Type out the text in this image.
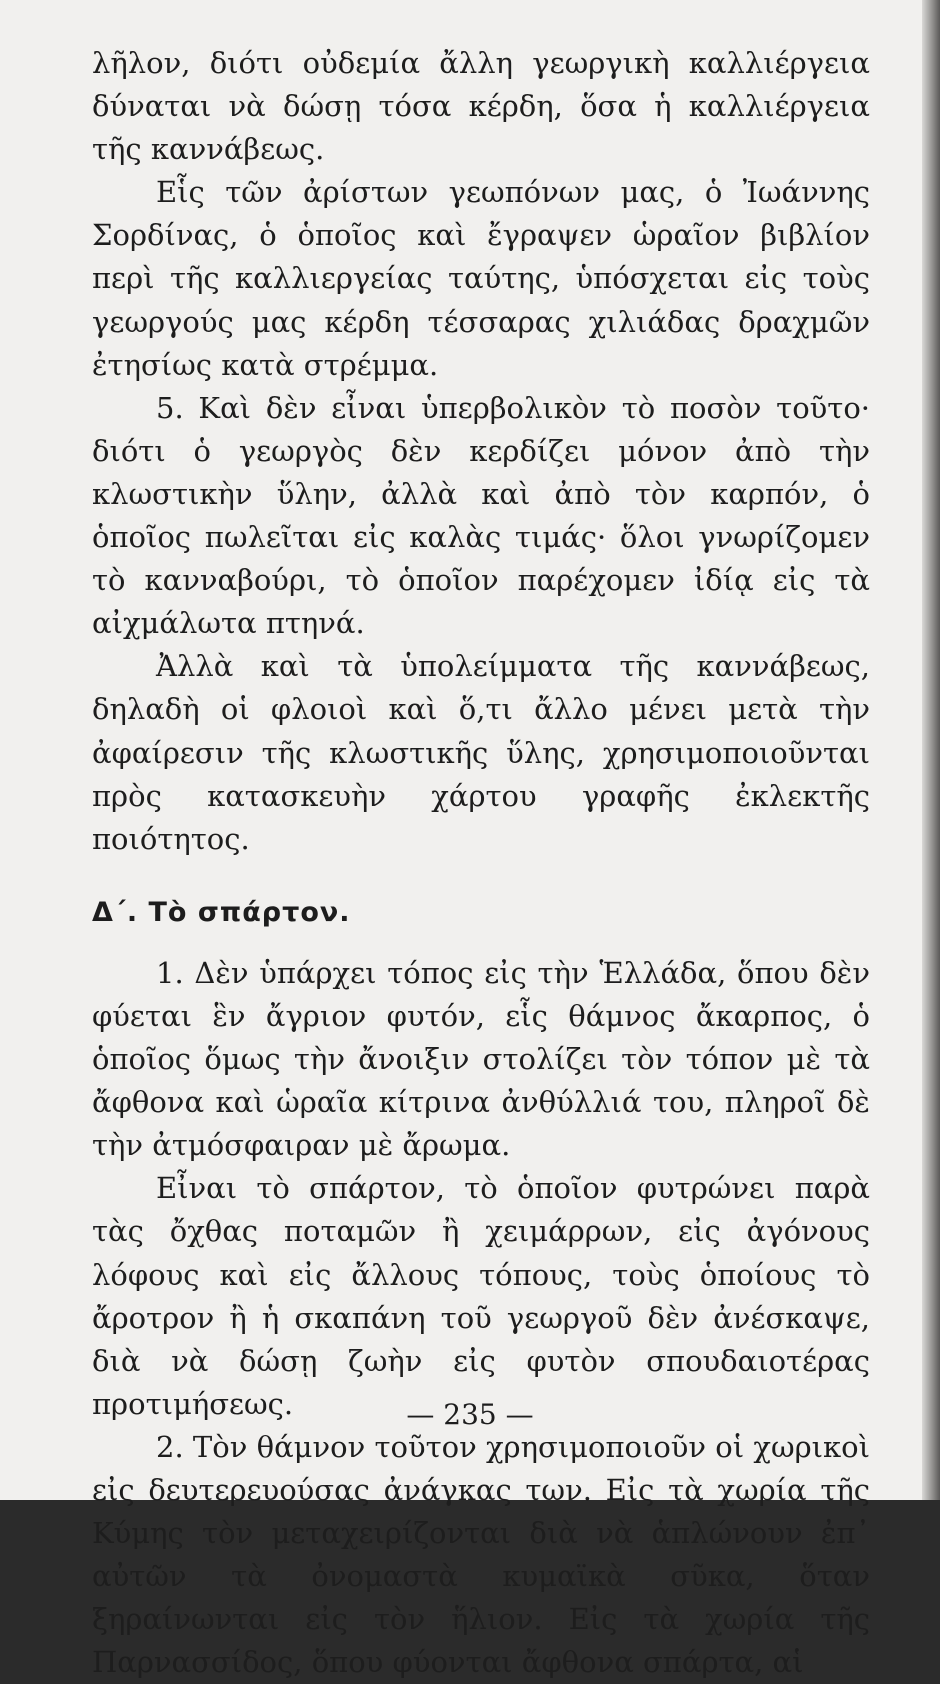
λῆλον, διότι οὐδεμία ἄλλη γεωργικὴ καλλιέργεια δύναται νὰ δώσῃ τόσα κέρδη, ὅσα ἡ καλλιέργεια τῆς καννάβεως.

Εἷς τῶν ἀρίστων γεωπόνων μας, ὁ Ἰωάννης Σορδίνας, ὁ ὁποῖος καὶ ἔγραψεν ὡραῖον βιβλίον περὶ τῆς καλλιεργείας ταύτης, ὑπόσχεται εἰς τοὺς γεωργούς μας κέρδη τέσσαρας χιλιάδας δραχμῶν ἐτησίως κατὰ στρέμμα.

5. Καὶ δὲν εἶναι ὑπερβολικὸν τὸ ποσὸν τοῦτο· διότι ὁ γεωργὸς δὲν κερδίζει μόνον ἀπὸ τὴν κλωστικὴν ὕλην, ἀλλὰ καὶ ἀπὸ τὸν καρπόν, ὁ ὁποῖος πωλεῖται εἰς καλὰς τιμάς· ὅλοι γνωρίζομεν τὸ κανναβούρι, τὸ ὁποῖον παρέχομεν ἰδίᾳ εἰς τὰ αἰχμάλωτα πτηνά.

Ἀλλὰ καὶ τὰ ὑπολείμματα τῆς καννάβεως, δηλαδὴ οἱ φλοιοὶ καὶ ὅ,τι ἄλλο μένει μετὰ τὴν ἀφαίρεσιν τῆς κλωστικῆς ὕλης, χρησιμοποιοῦνται πρὸς κατασκευὴν χάρτου γραφῆς ἐκλεκτῆς ποιότητος.

Δ΄. Τὸ σπάρτον.

1. Δὲν ὑπάρχει τόπος εἰς τὴν Ἑλλάδα, ὅπου δὲν φύεται ἓν ἄγριον φυτόν, εἷς θάμνος ἄκαρπος, ὁ ὁποῖος ὅμως τὴν ἄνοιξιν στολίζει τὸν τόπον μὲ τὰ ἄφθονα καὶ ὡραῖα κίτρινα ἀνθύλλιά του, πληροῖ δὲ τὴν ἀτμόσφαιραν μὲ ἄρωμα.

Εἶναι τὸ σπάρτον, τὸ ὁποῖον φυτρώνει παρὰ τὰς ὄχθας ποταμῶν ἢ χειμάρρων, εἰς ἀγόνους λόφους καὶ εἰς ἄλλους τόπους, τοὺς ὁποίους τὸ ἄροτρον ἢ ἡ σκαπάνη τοῦ γεωργοῦ δὲν ἀνέσκαψε, διὰ νὰ δώσῃ ζωὴν εἰς φυτὸν σπουδαιοτέρας προτιμήσεως.

2. Τὸν θάμνον τοῦτον χρησιμοποιοῦν οἱ χωρικοὶ εἰς δευτερευούσας ἀνάγκας των. Εἰς τὰ χωρία τῆς Κύμης τὸν μεταχειρίζονται διὰ νὰ ἁπλώνουν ἐπ᾽ αὐτῶν τὰ ὀνομαστὰ κυμαϊκὰ σῦκα, ὅταν ξηραίνωνται εἰς τὸν ἥλιον. Εἰς τὰ χωρία τῆς Παρνασσίδος, ὅπου φύονται ἄφθονα σπάρτα, αἱ

— 235 —
